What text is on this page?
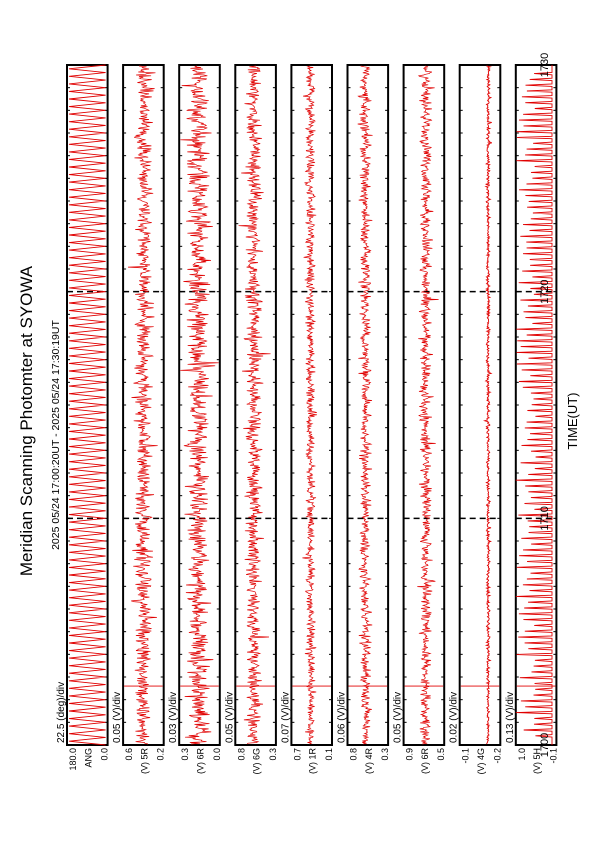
Meridian Scanning Photomter at SYOWA 2025 05/24 17:00:20UT - 2025 05/24 17:30:19UT	TIME(UT)
22.5 (deg)/div
180.0 0.0
ANG
0.05 (V)/div
0.6 0.2
(V) 5R
0.03 (V)/div
0.3 0.0
(V) 6R
0.05 (V)/div
0.8 0.3
(V) 6G
0.07 (V)/div
0.7 0.1
(V) 1R
0.06 (V)/div
0.8 0.3
(V) 4R
0.05 (V)/div
0.9 0.5
(V) 6R
0.02 (V)/div
-0.1 -0.2
(V) 4G
0.13 (V)/div
1.0 -0.1
(V) 5H
1700
1710
1720
1730
